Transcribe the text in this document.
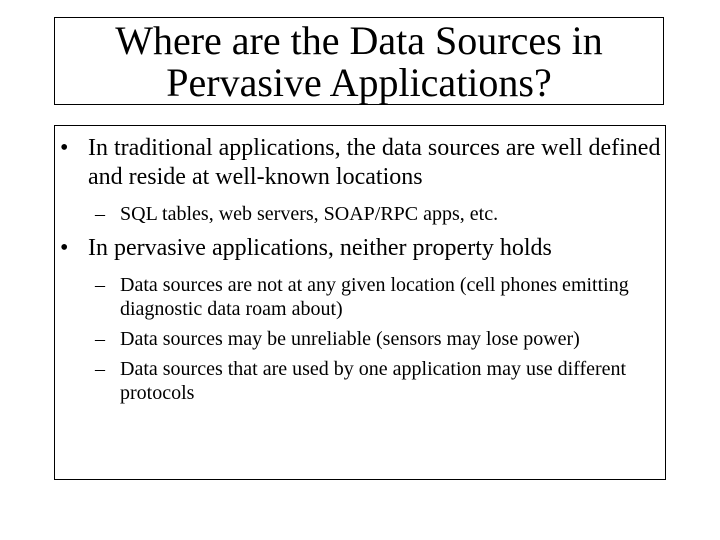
Where are the Data Sources in
Pervasive Applications?
• In traditional applications, the data sources are well defined and reside at well-known locations
– SQL tables, web servers, SOAP/RPC apps, etc.
• In pervasive applications, neither property holds
– Data sources are not at any given location (cell phones emitting diagnostic data roam about)
– Data sources may be unreliable (sensors may lose power)
– Data sources that are used by one application may use different protocols
